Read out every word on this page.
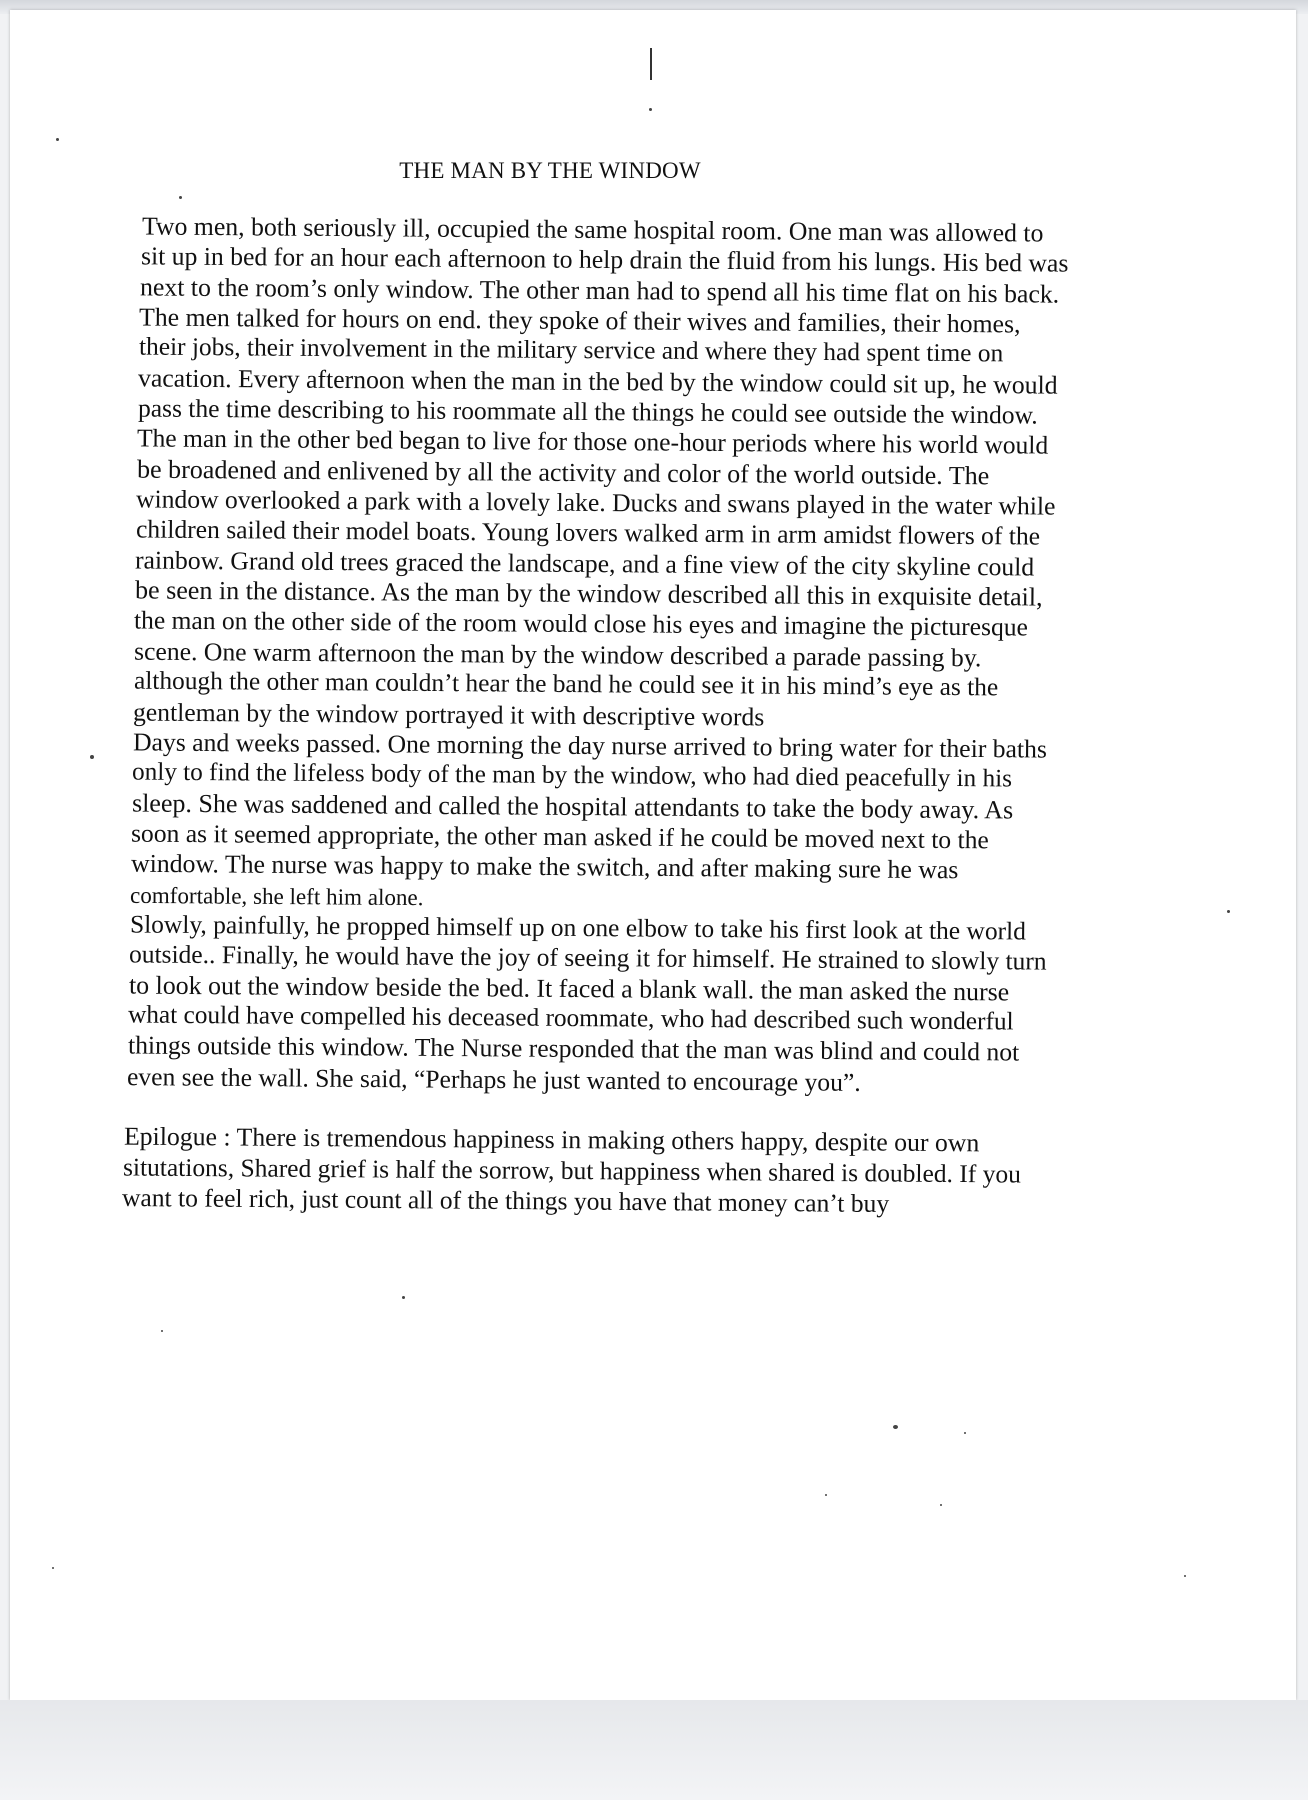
THE MAN BY THE WINDOW
Two men, both seriously ill, occupied the same hospital room. One man was allowed to
sit up in bed for an hour each afternoon to help drain the fluid from his lungs. His bed was
next to the room’s only window. The other man had to spend all his time flat on his back.
The men talked for hours on end. they spoke of their wives and families, their homes,
their jobs, their involvement in the military service and where they had spent time on
vacation. Every afternoon when the man in the bed by the window could sit up, he would
pass the time describing to his roommate all the things he could see outside the window.
The man in the other bed began to live for those one-hour periods where his world would
be broadened and enlivened by all the activity and color of the world outside. The
window overlooked a park with a lovely lake. Ducks and swans played in the water while
children sailed their model boats. Young lovers walked arm in arm amidst flowers of the
rainbow. Grand old trees graced the landscape, and a fine view of the city skyline could
be seen in the distance. As the man by the window described all this in exquisite detail,
the man on the other side of the room would close his eyes and imagine the picturesque
scene. One warm afternoon the man by the window described a parade passing by.
although the other man couldn’t hear the band he could see it in his mind’s eye as the
gentleman by the window portrayed it with descriptive words
Days and weeks passed. One morning the day nurse arrived to bring water for their baths
only to find the lifeless body of the man by the window, who had died peacefully in his
sleep. She was saddened and called the hospital attendants to take the body away. As
soon as it seemed appropriate, the other man asked if he could be moved next to the
window. The nurse was happy to make the switch, and after making sure he was
comfortable, she left him alone.
Slowly, painfully, he propped himself up on one elbow to take his first look at the world
outside.. Finally, he would have the joy of seeing it for himself. He strained to slowly turn
to look out the window beside the bed. It faced a blank wall. the man asked the nurse
what could have compelled his deceased roommate, who had described such wonderful
things outside this window. The Nurse responded that the man was blind and could not
even see the wall. She said, “Perhaps he just wanted to encourage you”.
Epilogue : There is tremendous happiness in making others happy, despite our own
situtations, Shared grief is half the sorrow, but happiness when shared is doubled. If you
want to feel rich, just count all of the things you have that money can’t buy
